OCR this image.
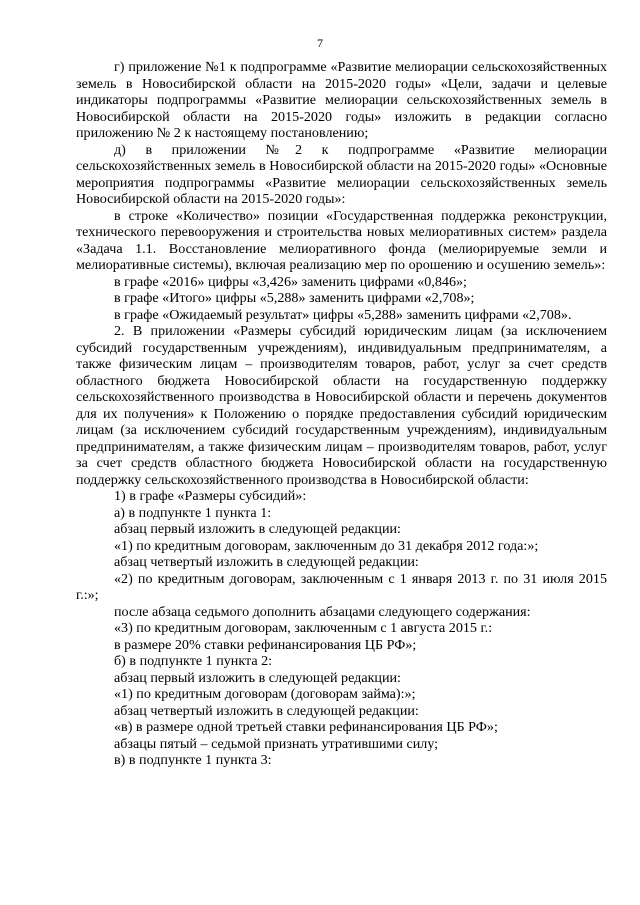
7

г) приложение №1 к подпрограмме «Развитие мелиорации сельскохозяйственных земель в Новосибирской области на 2015-2020 годы» «Цели, задачи и целевые индикаторы подпрограммы «Развитие мелиорации сельскохозяйственных земель в Новосибирской области на 2015-2020 годы» изложить в редакции согласно приложению № 2 к настоящему постановлению;

д) в приложении №2 к подпрограмме «Развитие мелиорации сельскохозяйственных земель в Новосибирской области на 2015-2020 годы» «Основные мероприятия подпрограммы «Развитие мелиорации сельскохозяйственных земель Новосибирской области на 2015-2020 годы»:

в строке «Количество» позиции «Государственная поддержка реконструкции, технического перевооружения и строительства новых мелиоративных систем» раздела «Задача 1.1. Восстановление мелиоративного фонда (мелиорируемые земли и мелиоративные системы), включая реализацию мер по орошению и осушению земель»:

в графе «2016» цифры «3,426» заменить цифрами «0,846»;

в графе «Итого» цифры «5,288» заменить цифрами «2,708»;

в графе «Ожидаемый результат» цифры «5,288» заменить цифрами «2,708».

2. В приложении «Размеры субсидий юридическим лицам (за исключением субсидий государственным учреждениям), индивидуальным предпринимателям, а также физическим лицам – производителям товаров, работ, услуг за счет средств областного бюджета Новосибирской области на государственную поддержку сельскохозяйственного производства в Новосибирской области и перечень документов для их получения» к Положению о порядке предоставления субсидий юридическим лицам (за исключением субсидий государственным учреждениям), индивидуальным предпринимателям, а также физическим лицам – производителям товаров, работ, услуг за счет средств областного бюджета Новосибирской области на государственную поддержку сельскохозяйственного производства в Новосибирской области:

1) в графе «Размеры субсидий»:

а) в подпункте 1 пункта 1:

абзац первый изложить в следующей редакции:

«1) по кредитным договорам, заключенным до 31 декабря 2012 года:»;

абзац четвертый изложить в следующей редакции:

«2) по кредитным договорам, заключенным с 1 января 2013 г. по 31 июля 2015 г.:»;

после абзаца седьмого дополнить абзацами следующего содержания:

«3) по кредитным договорам, заключенным с 1 августа 2015 г.:

в размере 20% ставки рефинансирования ЦБ РФ»;

б) в подпункте 1 пункта 2:

абзац первый изложить в следующей редакции:

«1) по кредитным договорам (договорам займа):»;

абзац четвертый изложить в следующей редакции:

«в) в размере одной третьей ставки рефинансирования ЦБ РФ»;

абзацы пятый – седьмой признать утратившими силу;

в) в подпункте 1 пункта 3:
